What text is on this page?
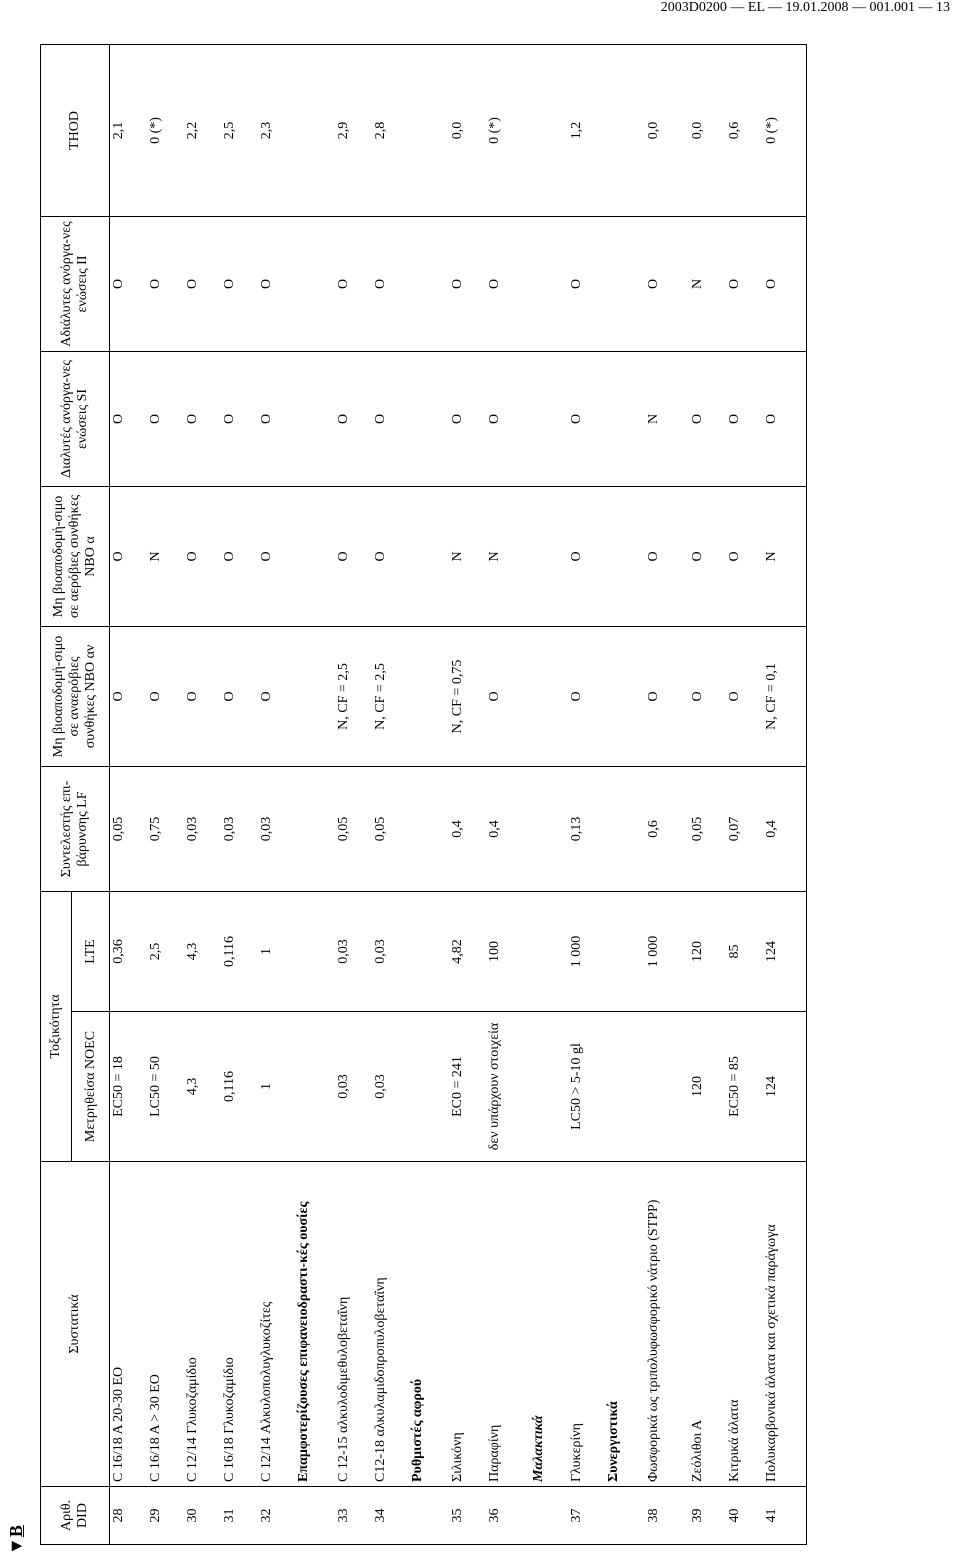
2003D0200 — EL — 19.01.2008 — 001.001 — 13
▼B
Αριθ. DID	Συστατικά	Τοξικότητα		Συντελεστής επι-βάρυνσης LF	Μη βιοαποδομή-σιμο σε αναερόβιες συνθήκες NBO αν	Μη βιοαποδομή-σιμο σε αερόβιες συνθήκες NBO α	Διαλυτές ανόργα-νες ενώσεις SI	Αδιάλυτες ανόργα-νες ενώσεις II	THOD
		Μετρηθείσα NOEC	LTE						
28	C 16/18 A 20-30 EO	EC50 = 18	0,36	0,05	O	O	O	O	2,1
29	C 16/18 A > 30 EO	LC50 = 50	2,5	0,75	O	N	O	O	0 (*)
30	C 12/14 Γλυκοζαμίδιο	4,3	4,3	0,03	O	O	O	O	2,2
31	C 16/18 Γλυκοζαμίδιο	0,116	0,116	0,03	O	O	O	O	2,5
32	C 12/14 Αλκυλοπολυγλυκοζίτες	1	1	0,03	O	O	O	O	2,3
	Επαμφοτερίζουσες επιφανειοδραστι-κές ουσίες								
33	C 12-15 αλκυλοδιμεθυλοβεταΐνη	0,03	0,03	0,05	N, CF = 2,5	O	O	O	2,9
34	C12-18 αλκυλαμιδοπροπυλοβεταΐνη	0,03	0,03	0,05	N, CF = 2,5	O	O	O	2,8
	Ρυθμιστές αφρού								
35	Σιλικόνη	EC0 = 241	4,82	0,4	N, CF = 0,75	N	O	O	0,0
36	Παραφίνη	δεν υπάρχουν στοιχεία	100	0,4	O	N	O	O	0 (*)
	Μαλακτικά								
37	Γλυκερίνη	LC50 > 5-10 gl	1 000	0,13	O	O	O	O	1,2
	Συνεργιστικά								
38	Φωσφορικά ως τριπολυφωσφορικό νάτριο (STPP)		1 000	0,6	O	O	N	O	0,0
39	Ζεόλιθοι Α	120	120	0,05	O	O	O	N	0,0
40	Κιτρικά άλατα	EC50 = 85	85	0,07	O	O	O	O	0,6
41	Πολυκαρβονικά άλατα και σχετικά παράγωγα	124	124	0,4	N, CF = 0,1	N	O	O	0 (*)
